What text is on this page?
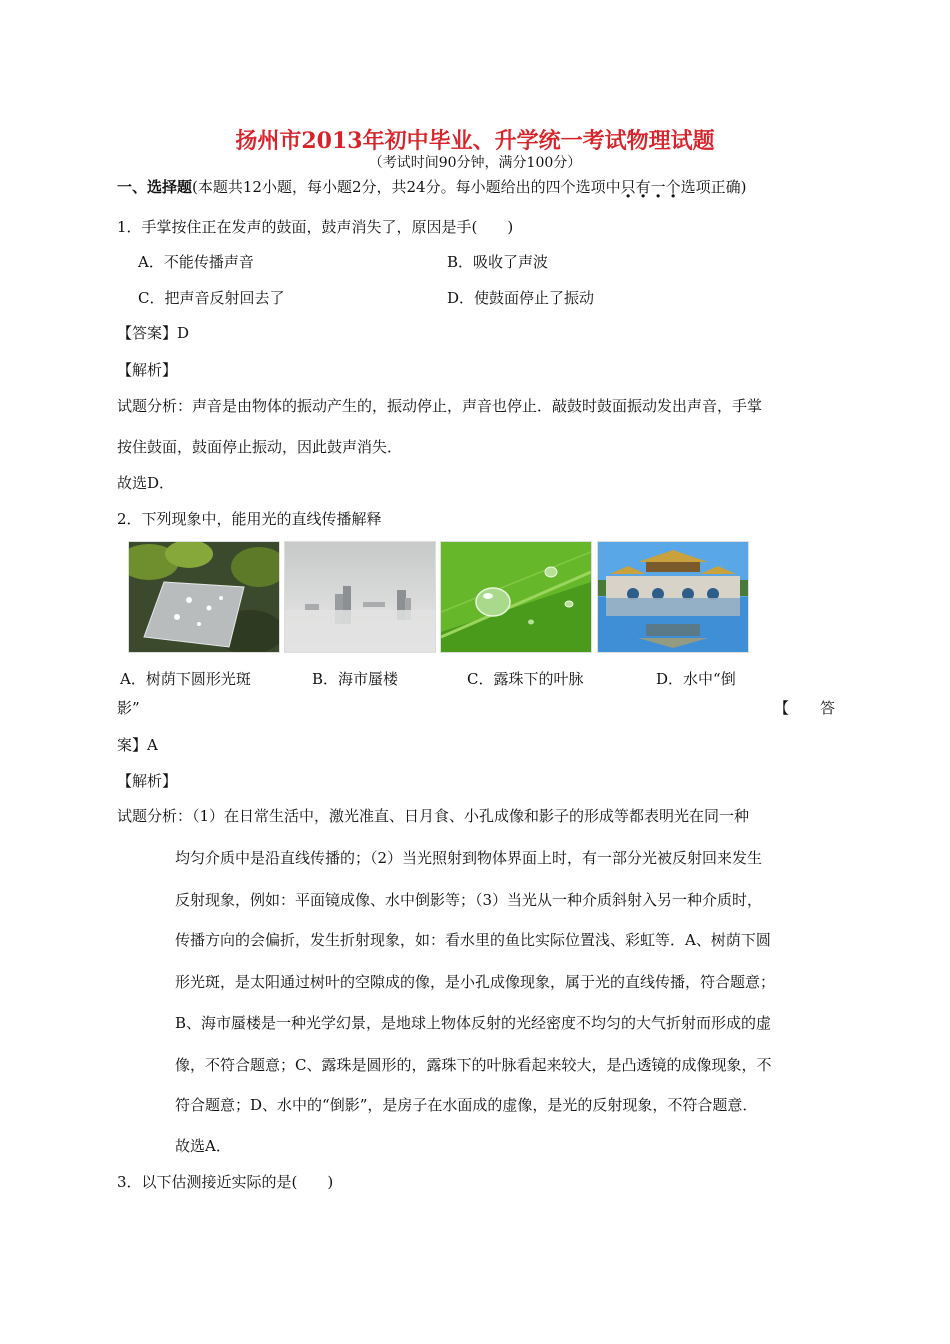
扬州市2013年初中毕业、升学统一考试物理试题
（考试时间90分钟，满分100分）
一、选择题(本题共12小题，每小题2分，共24分。每小题给出的四个选项中只有一个选项正确)
1．手掌按住正在发声的鼓面，鼓声消失了，原因是手(　　)
A．不能传播声音	B．吸收了声波
C．把声音反射回去了	D．使鼓面停止了振动
【答案】D
【解析】
试题分析：声音是由物体的振动产生的，振动停止，声音也停止．敲鼓时鼓面振动发出声音，手掌
按住鼓面，鼓面停止振动，因此鼓声消失．
故选D．
2．下列现象中，能用光的直线传播解释
A．树荫下圆形光斑	B．海市蜃楼	C．露珠下的叶脉	D．水中“倒
影”	【 答
案】A
【解析】
试题分析：（1）在日常生活中，激光准直、日月食、小孔成像和影子的形成等都表明光在同一种
均匀介质中是沿直线传播的；（2）当光照射到物体界面上时，有一部分光被反射回来发生
反射现象，例如：平面镜成像、水中倒影等；（3）当光从一种介质斜射入另一种介质时，
传播方向的会偏折，发生折射现象，如：看水里的鱼比实际位置浅、彩虹等．A、树荫下圆
形光斑，是太阳通过树叶的空隙成的像，是小孔成像现象，属于光的直线传播，符合题意；
B、海市蜃楼是一种光学幻景，是地球上物体反射的光经密度不均匀的大气折射而形成的虚
像，不符合题意；C、露珠是圆形的，露珠下的叶脉看起来较大，是凸透镜的成像现象，不
符合题意；D、水中的“倒影”，是房子在水面成的虚像，是光的反射现象，不符合题意．
故选A．
3．以下估测接近实际的是(　　)
